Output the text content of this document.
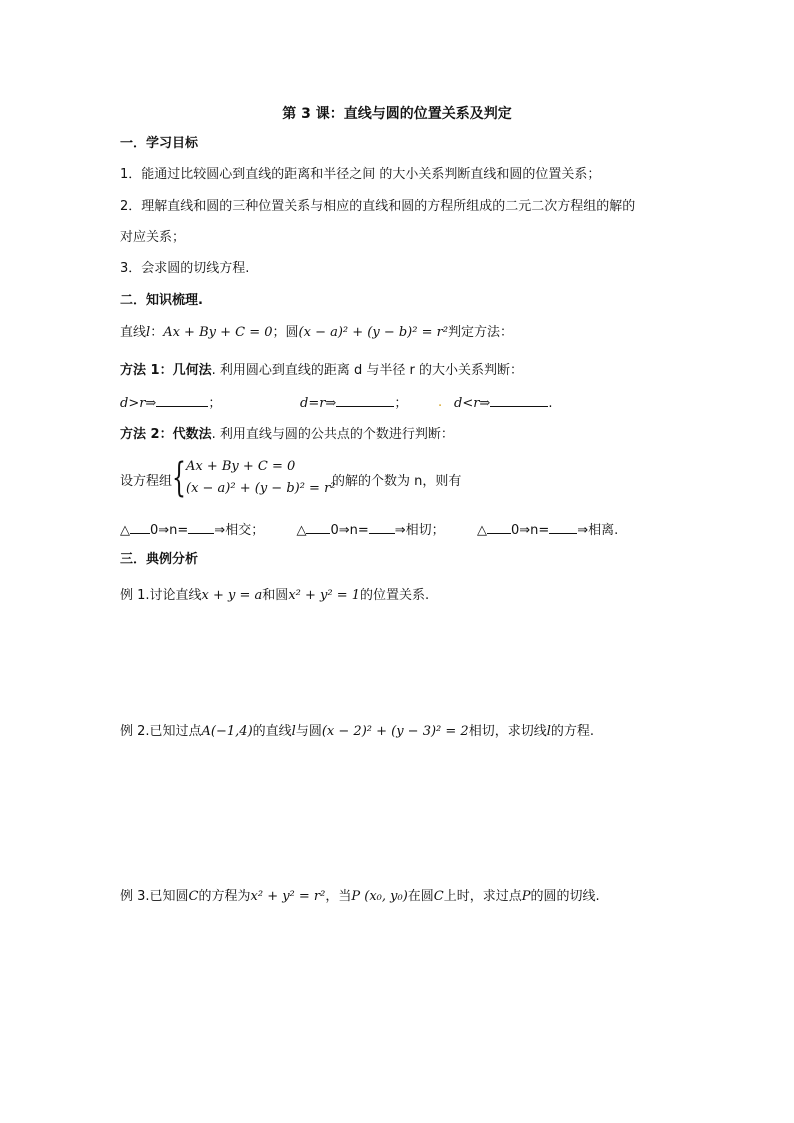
第 3 课：直线与圆的位置关系及判定
一．学习目标
1．能通过比较圆心到直线的距离和半径之间 的大小关系判断直线和圆的位置关系；
2．理解直线和圆的三种位置关系与相应的直线和圆的方程所组成的二元二次方程组的解的
对应关系；
3．会求圆的切线方程.
二．知识梳理.
直线l：Ax + By + C = 0；圆(x − a)² + (y − b)² = r²判定方法：
方法 1：几何法. 利用圆心到直线的距离 d 与半径 r 的大小关系判断：
d>r⇒	；	d=r⇒	； . d<r⇒	.
方法 2：代数法. 利用直线与圆的公共点的个数进行判断：
设方程组 { Ax + By + C = 0
(x − a)² + (y − b)² = r²
的解的个数为 n，则有
△ 0⇒n= ⇒相交； △ 0⇒n= ⇒相切； △ 0⇒n= ⇒相离.
三．典例分析
例 1.讨论直线x + y = a和圆x² + y² = 1的位置关系.
例 2.已知过点A(−1,4)的直线l与圆(x − 2)² + (y − 3)² = 2相切，求切线l的方程.
例 3.已知圆C的方程为x² + y² = r²，当P (x₀, y₀)在圆C上时，求过点P的圆的切线.
